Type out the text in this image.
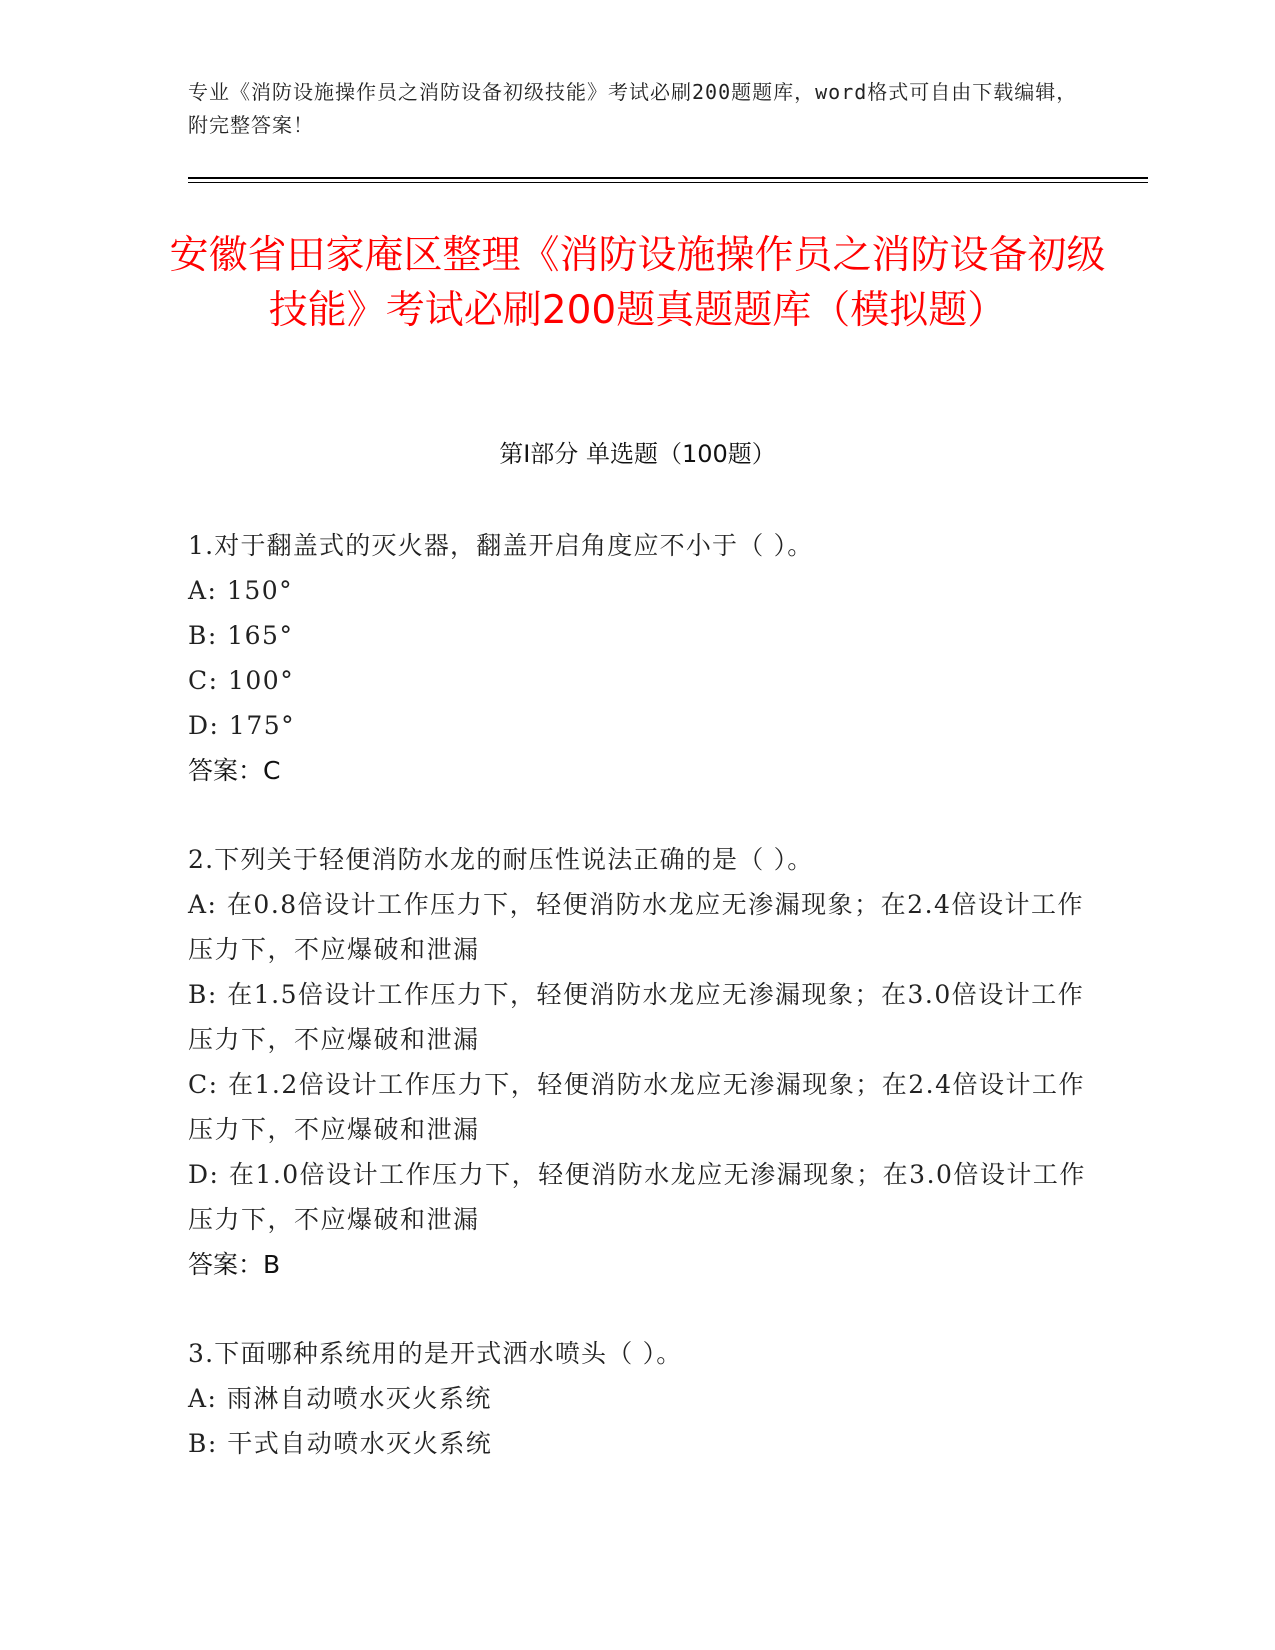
专业《消防设施操作员之消防设备初级技能》考试必刷200题题库，word格式可自由下载编辑，附完整答案！

安徽省田家庵区整理《消防设施操作员之消防设备初级技能》考试必刷200题真题题库（模拟题）
第I部分 单选题（100题）
1.对于翻盖式的灭火器，翻盖开启角度应不小于（ ）。
A: 150°
B: 165°
C: 100°
D: 175°
答案：C
2.下列关于轻便消防水龙的耐压性说法正确的是（ ）。
A: 在0.8倍设计工作压力下，轻便消防水龙应无渗漏现象；在2.4倍设计工作压力下，不应爆破和泄漏
B: 在1.5倍设计工作压力下，轻便消防水龙应无渗漏现象；在3.0倍设计工作压力下，不应爆破和泄漏
C: 在1.2倍设计工作压力下，轻便消防水龙应无渗漏现象；在2.4倍设计工作压力下，不应爆破和泄漏
D: 在1.0倍设计工作压力下，轻便消防水龙应无渗漏现象；在3.0倍设计工作压力下，不应爆破和泄漏
答案：B
3.下面哪种系统用的是开式洒水喷头（ ）。
A: 雨淋自动喷水灭火系统
B: 干式自动喷水灭火系统
